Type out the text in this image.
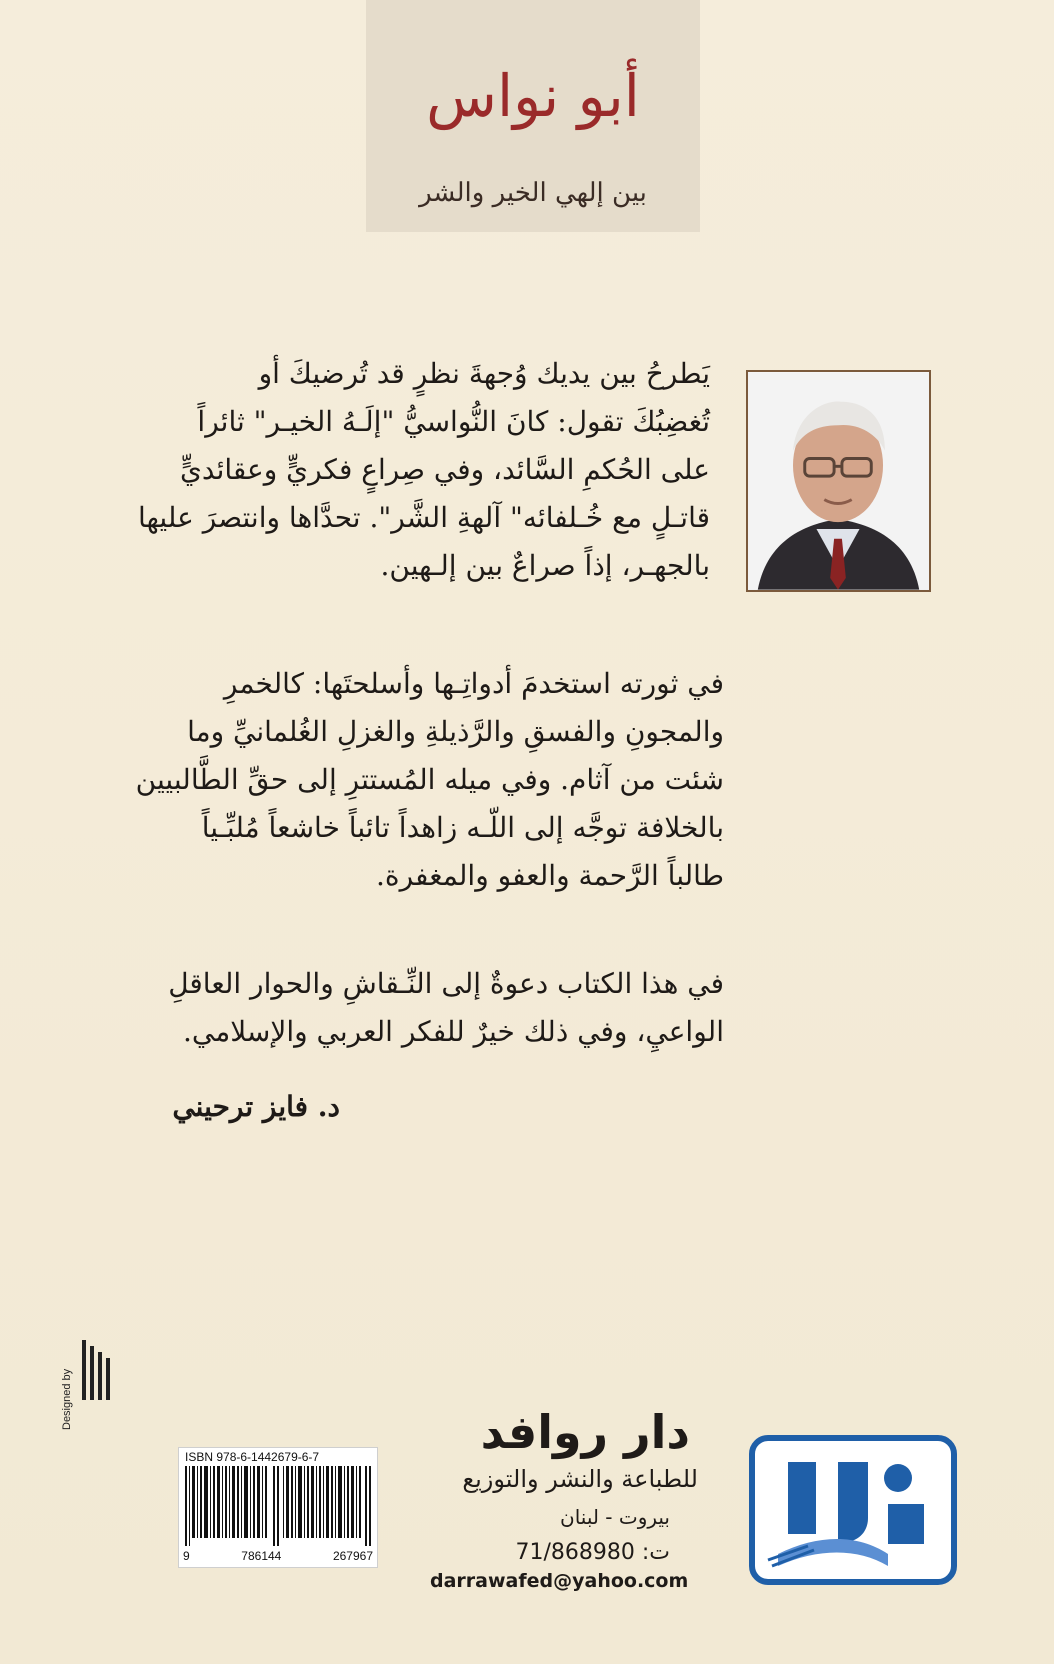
أبو نواس
بين إلهي الخير والشر
يَطرحُ بين يديك وُجهةَ نظرٍ قد تُرضيكَ أو
تُغضِبُكَ تقول: كانَ النُّواسيُّ "إلَـهُ الخيـر" ثائراً
على الحُكمِ السَّائد، وفي صِراعٍ فكريٍّ وعقائديٍّ
قاتـلٍ مع خُـلفائه" آلهةِ الشَّر". تحدَّاها وانتصرَ عليها
بالجهـر، إذاً صراعٌ بين إلـهين.
في ثورته استخدمَ أدواتِـها وأسلحتَها: كالخمرِ
والمجونِ والفسقِ والرَّذيلةِ والغزلِ الغُلمانيِّ وما
شئت من آثام. وفي ميله المُستترِ إلى حقِّ الطَّالبيين
بالخلافة توجَّه إلى اللّـه زاهداً تائباً خاشعاً مُلبِّـياً
طالباً الرَّحمة والعفو والمغفرة.
في هذا الكتاب دعوةٌ إلى النِّـقاشِ والحوار العاقلِ
الواعيِ، وفي ذلك خيرٌ للفكر العربي والإسلامي.
د. فايز ترحيني
Designed by
ISBN 978-6-1442679-6-7
9	786144	267967
دار روافد
للطباعة والنشر والتوزيع
بيروت - لبنان
ت: 71/868980
darrawafed@yahoo.com
